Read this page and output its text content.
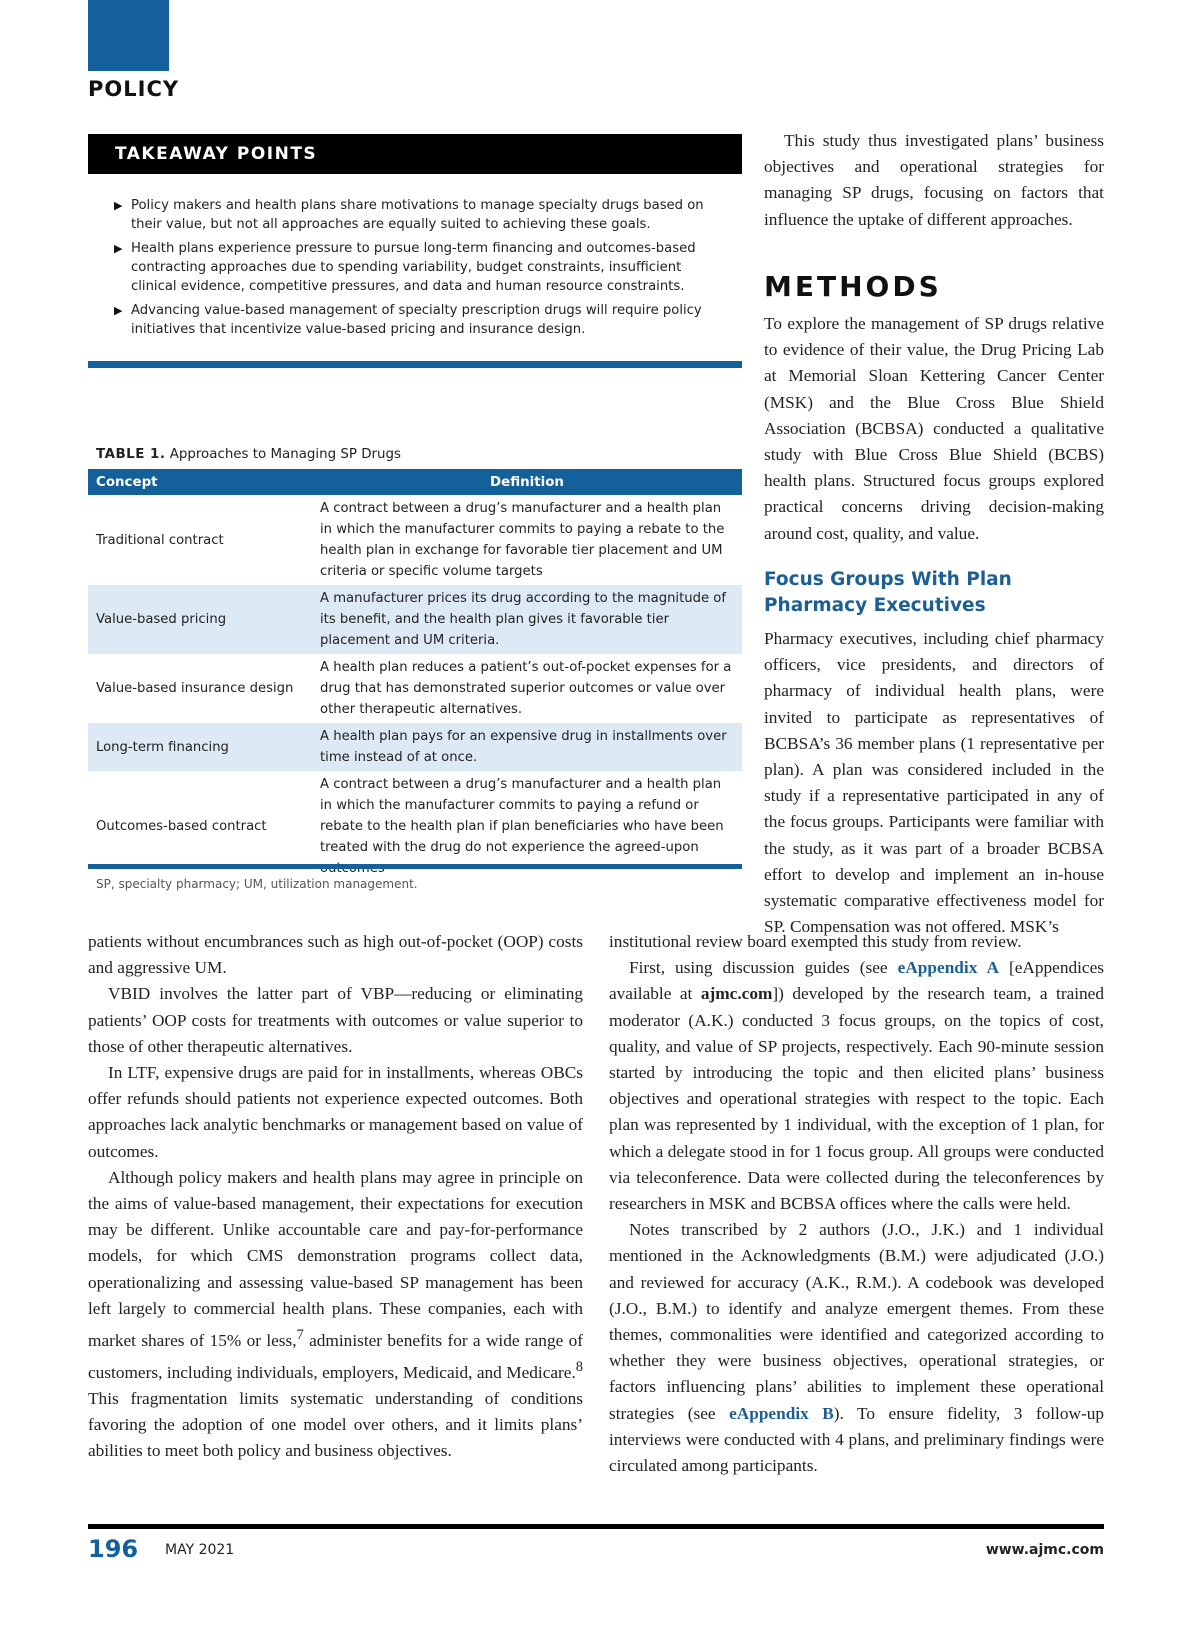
POLICY
TAKEAWAY POINTS
▶ Policy makers and health plans share motivations to manage specialty drugs based on their value, but not all approaches are equally suited to achieving these goals.
▶ Health plans experience pressure to pursue long-term financing and outcomes-based contracting approaches due to spending variability, budget constraints, insufficient clinical evidence, competitive pressures, and data and human resource constraints.
▶ Advancing value-based management of specialty prescription drugs will require policy initiatives that incentivize value-based pricing and insurance design.
TABLE 1. Approaches to Managing SP Drugs
Concept	Definition
Traditional contract	A contract between a drug’s manufacturer and a health plan in which the manufacturer commits to paying a rebate to the health plan in exchange for favorable tier placement and UM criteria or specific volume targets
Value-based pricing	A manufacturer prices its drug according to the magnitude of its benefit, and the health plan gives it favorable tier placement and UM criteria.
Value-based insurance design	A health plan reduces a patient’s out-of-pocket expenses for a drug that has demonstrated superior outcomes or value over other therapeutic alternatives.
Long-term financing	A health plan pays for an expensive drug in installments over time instead of at once.
Outcomes-based contract	A contract between a drug’s manufacturer and a health plan in which the manufacturer commits to paying a refund or rebate to the health plan if plan beneficiaries who have been treated with the drug do not experience the agreed-upon
SP, specialty pharmacy; UM, utilization management.

This study thus investigated plans’ business objectives and operational strategies for managing SP drugs, focusing on factors that influence the uptake of different approaches.

METHODS

To explore the management of SP drugs relative to evidence of their value, the Drug Pricing Lab at Memorial Sloan Kettering Cancer Center (MSK) and the Blue Cross Blue Shield Association (BCBSA) conducted a qualitative study with Blue Cross Blue Shield (BCBS) health plans. Structured focus groups explored practical concerns driving decision-making around cost, quality, and value.

Focus Groups With Plan Pharmacy Executives

Pharmacy executives, including chief pharmacy officers, vice presidents, and directors of pharmacy of individual health plans, were invited to participate as representatives of BCBSA’s 36 member plans (1 representative per plan). A plan was considered included in the study if a representative participated in any of the focus groups. Participants were familiar with the study, as it was part of a broader BCBSA effort to develop and implement an in-house systematic comparative effectiveness model for SP. Compensation was not offered. MSK’s

patients without encumbrances such as high out-of-pocket (OOP) costs and aggressive UM.

VBID involves the latter part of VBP—reducing or eliminating patients’ OOP costs for treatments with outcomes or value superior to those of other therapeutic alternatives.

In LTF, expensive drugs are paid for in installments, whereas OBCs offer refunds should patients not experience expected outcomes. Both approaches lack analytic benchmarks or management based on value of outcomes.

Although policy makers and health plans may agree in principle on the aims of value-based management, their expectations for execution may be different. Unlike accountable care and pay-for-performance models, for which CMS demonstration programs collect data, operationalizing and assessing value-based SP management has been left largely to commercial health plans. These companies, each with market shares of 15% or less,$^7$ administer benefits for a wide range of customers, including individuals, employers, Medicaid, and Medicare.$^8$ This fragmentation limits systematic understanding of conditions favoring the adoption of one model over others, and it limits plans’ abilities to meet both policy and business objectives.

institutional review board exempted this study from review.

First, using discussion guides (see eAppendix A [eAppendices available at ajmc.com]) developed by the research team, a trained moderator (A.K.) conducted 3 focus groups, on the topics of cost, quality, and value of SP projects, respectively. Each 90-minute session started by introducing the topic and then elicited plans’ business objectives and operational strategies with respect to the topic. Each plan was represented by 1 individual, with the exception of 1 plan, for which a delegate stood in for 1 focus group. All groups were conducted via teleconference. Data were collected during the teleconferences by researchers in MSK and BCBSA offices where the calls were held.

Notes transcribed by 2 authors (J.O., J.K.) and 1 individual mentioned in the Acknowledgments (B.M.) were adjudicated (J.O.) and reviewed for accuracy (A.K., R.M.). A codebook was developed (J.O., B.M.) to identify and analyze emergent themes. From these themes, commonalities were identified and categorized according to whether they were business objectives, operational strategies, or factors influencing plans’ abilities to implement these operational strategies (see eAppendix B). To ensure fidelity, 3 follow-up interviews were conducted with 4 plans, and preliminary findings were circulated among participants.

196 MAY 2021	www.ajmc.com
